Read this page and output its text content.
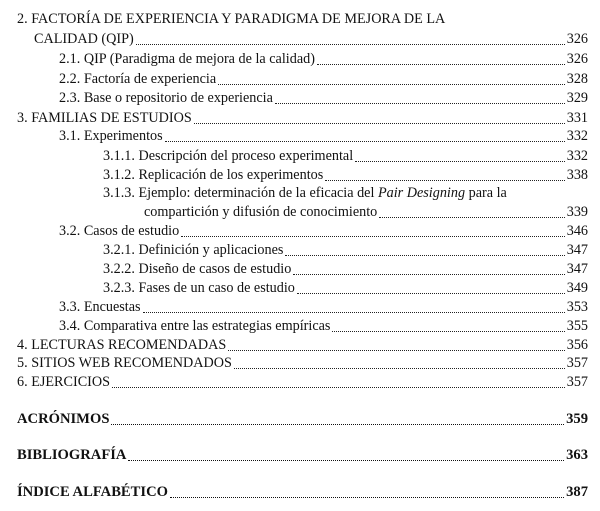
2. FACTORÍA DE EXPERIENCIA Y PARADIGMA DE MEJORA DE LA
CALIDAD (QIP)	326
2.1. QIP (Paradigma de mejora de la calidad)	326
2.2. Factoría de experiencia	328
2.3. Base o repositorio de experiencia	329
3. FAMILIAS DE ESTUDIOS	331
3.1. Experimentos	332
3.1.1. Descripción del proceso experimental	332
3.1.2. Replicación de los experimentos	338
3.1.3. Ejemplo: determinación de la eficacia del Pair Designing para la
compartición y difusión de conocimiento	339
3.2. Casos de estudio	346
3.2.1. Definición y aplicaciones	347
3.2.2. Diseño de casos de estudio	347
3.2.3. Fases de un caso de estudio	349
3.3. Encuestas	353
3.4. Comparativa entre las estrategias empíricas	355
4. LECTURAS RECOMENDADAS	356
5. SITIOS WEB RECOMENDADOS	357
6. EJERCICIOS	357
ACRÓNIMOS	359
BIBLIOGRAFÍA	363
ÍNDICE ALFABÉTICO	387
